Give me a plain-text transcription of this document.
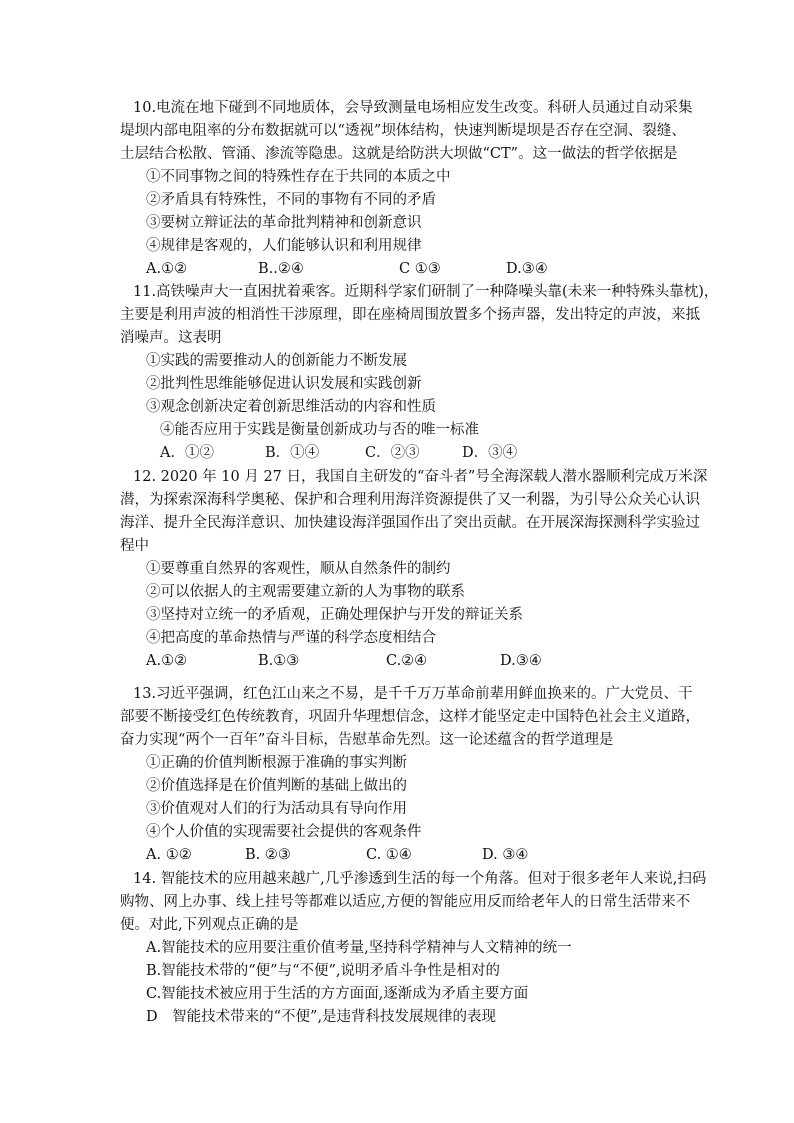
10.电流在地下碰到不同地质体，会导致测量电场相应发生改变。科研人员通过自动采集
堤坝内部电阻率的分布数据就可以“透视”坝体结构，快速判断堤坝是否存在空洞、裂缝、
土层结合松散、管涌、渗流等隐患。这就是给防洪大坝做“CT”。这一做法的哲学依据是
①不同事物之间的特殊性存在于共同的本质之中
②矛盾具有特殊性，不同的事物有不同的矛盾
③要树立辩证法的革命批判精神和创新意识
④规律是客观的，人们能够认识和利用规律
A.①②	B..②④	C ①③	D.③④
11.高铁噪声大一直困扰着乘客。近期科学家们研制了一种降噪头靠(未来一种特殊头靠枕)，
主要是利用声波的相消性干涉原理，即在座椅周围放置多个扬声器，发出特定的声波，来抵
消噪声。这表明
①实践的需要推动人的创新能力不断发展
②批判性思维能够促进认识发展和实践创新
③观念创新决定着创新思维活动的内容和性质
④能否应用于实践是衡量创新成功与否的唯一标准
A．①②	B．①④	C．②③	D．③④
12. 2020 年 10 月 27 日，我国自主研发的“奋斗者”号全海深载人潜水器顺利完成万米深
潜，为探索深海科学奥秘、保护和合理利用海洋资源提供了又一利器，为引导公众关心认识
海洋、提升全民海洋意识、加快建设海洋强国作出了突出贡献。在开展深海探测科学实验过
程中
①要尊重自然界的客观性，顺从自然条件的制约
②可以依据人的主观需要建立新的人为事物的联系
③坚持对立统一的矛盾观，正确处理保护与开发的辩证关系
④把高度的革命热情与严谨的科学态度相结合
A.①②	B.①③	C.②④	D.③④
13.习近平强调，红色江山来之不易，是千千万万革命前辈用鲜血换来的。广大党员、干
部要不断接受红色传统教育，巩固升华理想信念，这样才能坚定走中国特色社会主义道路，
奋力实现“两个一百年”奋斗目标，告慰革命先烈。这一论述蕴含的哲学道理是
①正确的价值判断根源于准确的事实判断
②价值选择是在价值判断的基础上做出的
③价值观对人们的行为活动具有导向作用
④个人价值的实现需要社会提供的客观条件
A. ①②	B. ②③	C. ①④	D. ③④
14. 智能技术的应用越来越广,几乎渗透到生活的每一个角落。但对于很多老年人来说,扫码
购物、网上办事、线上挂号等都难以适应,方便的智能应用反而给老年人的日常生活带来不
便。对此,下列观点正确的是
A.智能技术的应用要注重价值考量,坚持科学精神与人文精神的统一
B.智能技术带的“便”与“不便”,说明矛盾斗争性是相对的
C.智能技术被应用于生活的方方面面,逐渐成为矛盾主要方面
D　智能技术带来的“不便”,是违背科技发展规律的表现
